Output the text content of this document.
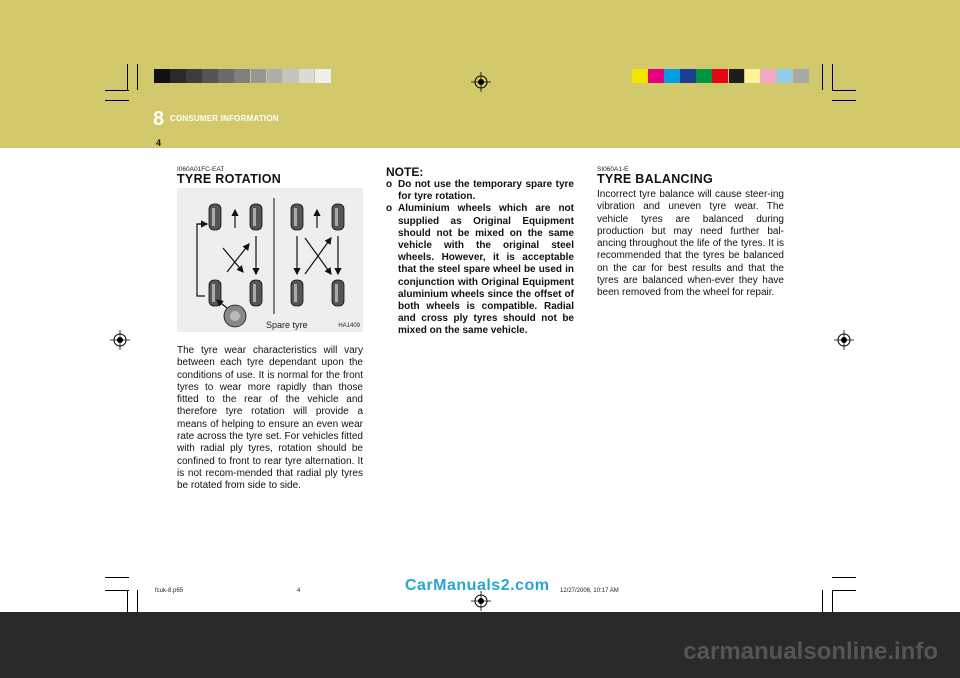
8 CONSUMER INFORMATION
4
I060A01FC-EAT
TYRE ROTATION
Spare tyre	HA1409
The tyre wear characteristics will vary between each tyre dependant upon the conditions of use. It is normal for the front tyres to wear more rapidly than those fitted to the rear of the vehicle and therefore tyre rotation will provide a means of helping to ensure an even wear rate across the tyre set. For vehicles fitted with radial ply tyres, rotation should be confined to front to rear tyre alternation. It is not recom-mended that radial ply tyres be rotated from side to side.
NOTE:
o Do not use the temporary spare tyre for tyre rotation.
o Aluminium wheels which are not supplied as Original Equipment should not be mixed on the same vehicle with the original steel wheels. However, it is acceptable that the steel spare wheel be used in conjunction with Original Equipment aluminium wheels since the offset of both wheels is compatible. Radial and cross ply tyres should not be mixed on the same vehicle.
SI060A1-E
TYRE BALANCING
Incorrect tyre balance will cause steer-ing vibration and uneven tyre wear. The vehicle tyres are balanced during production but may need further bal-ancing throughout the life of the tyres. It is recommended that the tyres be balanced on the car for best results and that the tyres are balanced when-ever they have been removed from the wheel for repair.
fcuk-8.p65	4	12/27/2006, 10:17 AM
CarManuals2.com
carmanualsonline.info
